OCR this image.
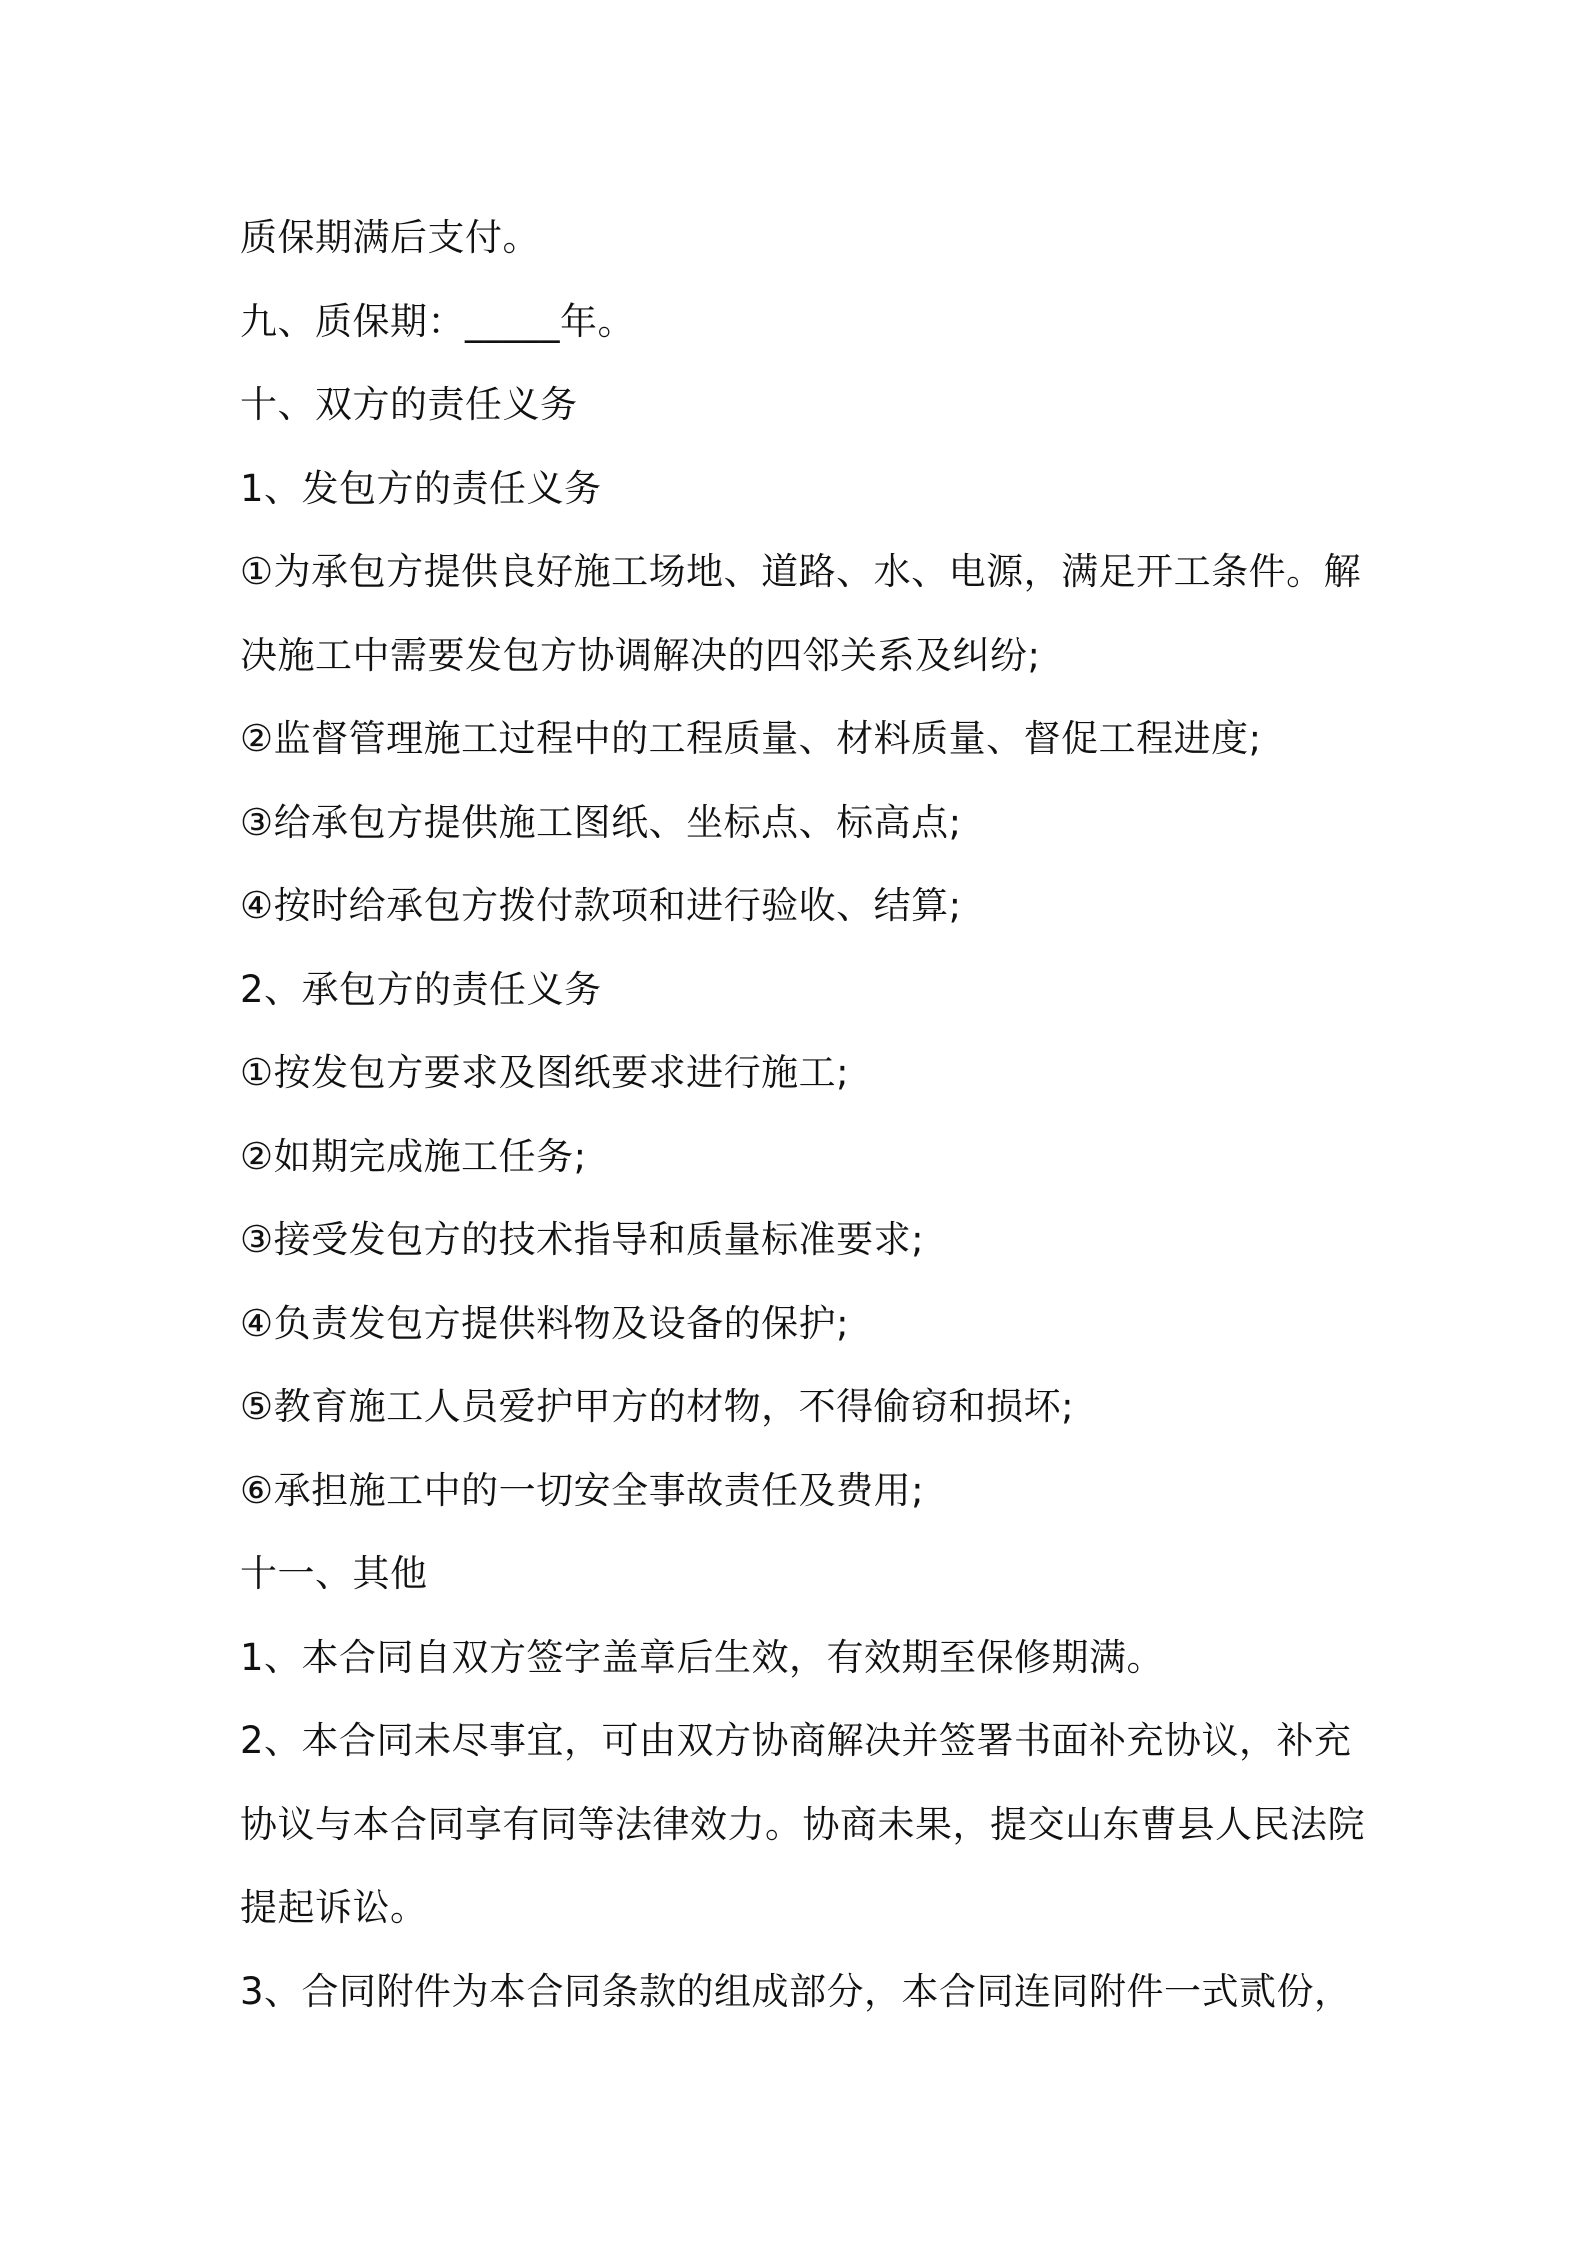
质保期满后支付。
九、质保期：_____年。
十、双方的责任义务
1、发包方的责任义务
①为承包方提供良好施工场地、道路、水、电源，满足开工条件。解
决施工中需要发包方协调解决的四邻关系及纠纷;
②监督管理施工过程中的工程质量、材料质量、督促工程进度;
③给承包方提供施工图纸、坐标点、标高点;
④按时给承包方拨付款项和进行验收、结算;
2、承包方的责任义务
①按发包方要求及图纸要求进行施工;
②如期完成施工任务;
③接受发包方的技术指导和质量标准要求;
④负责发包方提供料物及设备的保护;
⑤教育施工人员爱护甲方的材物，不得偷窃和损坏;
⑥承担施工中的一切安全事故责任及费用;
十一、其他
1、本合同自双方签字盖章后生效，有效期至保修期满。
2、本合同未尽事宜，可由双方协商解决并签署书面补充协议，补充
协议与本合同享有同等法律效力。协商未果，提交山东曹县人民法院
提起诉讼。
3、合同附件为本合同条款的组成部分，本合同连同附件一式贰份，
